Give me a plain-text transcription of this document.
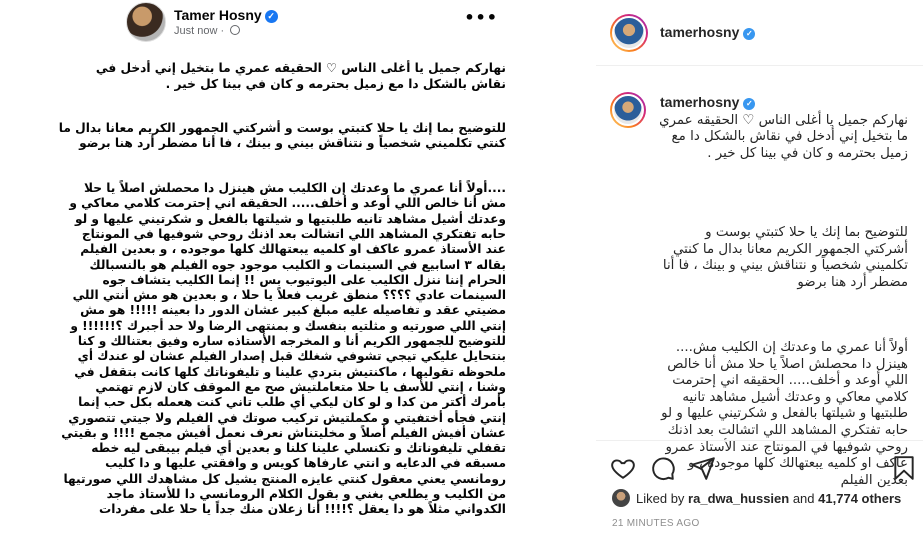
Tamer Hosny ✓
Just now ·
•••

نهاركم جميل يا أغلى الناس ♡ الحقيقه عمري ما بتخيل إني أدخل في نقاش بالشكل دا مع زميل بحترمه و كان في بينا كل خير .

للتوضيح بما إنك يا حلا كتبتي بوست و أشركتي الجمهور الكريم معانا بدال ما كنتي تكلميني شخصياً و نتناقش بيني و بينك ، فا أنا مضطر أرد هنا برضو

....أولاً أنا عمري ما وعدتك إن الكليب مش هينزل دا محصلش اصلاً يا حلا مش أنا خالص اللي أوعد و أخلف..... الحقيقه اني إحترمت كلامي معاكي و وعدتك أشيل مشاهد تانيه طلبتيها و شيلتها بالفعل و شكرتيني عليها و لو حابه تفتكري المشاهد اللي اتشالت بعد اذنك روحي شوفيها في المونتاج عند الأستاذ عمرو عاكف او كلميه يبعتهالك كلها موجوده ، و بعدين الفيلم بقاله ٣ اسابيع في السينمات و الكليب موجود جوه الفيلم هو بالنسبالك الحرام إننا ننزل الكليب على اليوتيوب بس !! إنما الكليب يتشاف جوه السينمات عادي ؟؟؟؟ منطق غريب فعلاً يا حلا ، و بعدين هو مش أنتي اللي مضيتي عقد و تفاصيله عليه مبلغ كبير عشان الدور دا بعينه !!!!! هو مش إنتي اللي صورتيه و مثلتيه بنفسك و بمنتهى الرضا ولا حد أجبرك ؟!!!!!! و للتوضيح للجمهور الكريم أنا و المخرجه الأستاذه ساره وفيق بعتنالك و كنا بنتحايل عليكي تيجي تشوفي شغلك قبل إصدار الفيلم عشان لو عندك أي ملحوظه تقوليها ، ماكنتيش بتردي علينا و تليفوناتك كلها كانت بتقفل في وشنا ، إنتي للأسف يا حلا متعاملتيش صح مع الموقف كان لازم تهتمي بأمرك أكتر من كدا و لو كان ليكي أي طلب تاني كنت هعمله بكل حب إنما إنتي فجأه أختفيتي و مكملتيش تركيب صوتك في الفيلم ولا جيتي تتصوري عشان أفيش الفيلم أصلاً و مخليتناش نعرف نعمل أفيش مجمع !!!! و بقيتي تقفلي تليفوناتك و تكنسلي علينا كلنا و بعدين أي فيلم بيبقى ليه خطه مسبقه في الدعايه و انتي عارفاها كويس و وافقتي عليها و دا كليب رومانسي يعني معقول كنتي عايزه المنتج يشيل كل مشاهدك اللي صورتيها من الكليب و يطلعي بغني و بقول الكلام الرومانسي دا للأستاذ ماجد الكدواني مثلاً هو دا يعقل ؟!!!! أنا زعلان منك جداً يا حلا على مفردات

tamerhosny ✓
tamerhosny ✓

نهاركم جميل يا أغلى الناس ♡ الحقيقه عمري ما بتخيل إني أدخل في نقاش بالشكل دا مع زميل بحترمه و كان في بينا كل خير .

للتوضيح بما إنك يا حلا كتبتي بوست و أشركتي الجمهور الكريم معانا بدال ما كنتي تكلميني شخصياً و نتناقش بيني و بينك ، فا أنا مضطر أرد هنا برضو

أولاً أنا عمري ما وعدتك إن الكليب مش.... هينزل دا محصلش اصلاً يا حلا مش أنا خالص اللي أوعد و أخلف..... الحقيقه اني إحترمت كلامي معاكي و وعدتك أشيل مشاهد تانيه طلبتيها و شيلتها بالفعل و شكرتيني عليها و لو حابه تفتكري المشاهد اللي اتشالت بعد اذنك روحي شوفيها في المونتاج عند الأستاذ عمرو عاكف او كلميه يبعتهالك كلها موجوده ، و بعدين الفيلم

Liked by ra_dwa_hussien and 41,774 others
21 MINUTES AGO
